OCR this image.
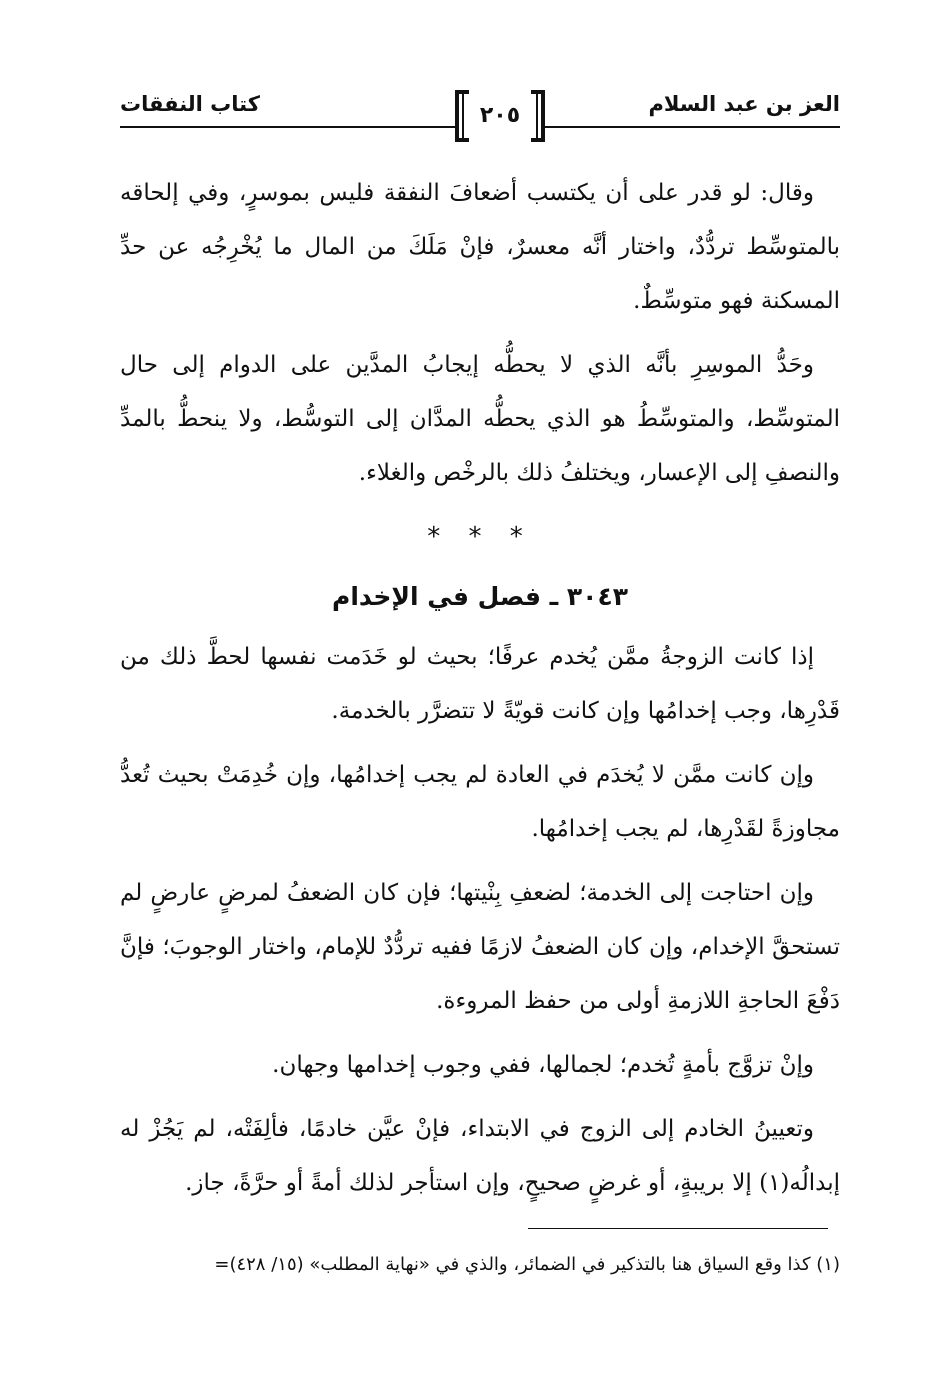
العز بن عبد السلام
كتاب النفقات	٢٠٥

وقال: لو قدر على أن يكتسب أضعافَ النفقة فليس بموسرٍ، وفي إلحاقه بالمتوسِّط تردُّدٌ، واختار أنَّه معسرٌ، فإنْ مَلَكَ من المال ما يُخْرِجُه عن حدِّ المسكنة فهو متوسِّطٌ.

وحَدُّ الموسِرِ بأنَّه الذي لا يحطُّه إيجابُ المدَّين على الدوام إلى حال المتوسِّط، والمتوسِّطُ هو الذي يحطُّه المدَّان إلى التوسُّط، ولا ينحطُّ بالمدِّ والنصفِ إلى الإعسار، ويختلفُ ذلك بالرخْص والغلاء.

* * *
٣٠٤٣ ـ فصل في الإخدام

إذا كانت الزوجةُ ممَّن يُخدم عرفًا؛ بحيث لو خَدَمت نفسها لحطَّ ذلك من قَدْرِها، وجب إخدامُها وإن كانت قويّةً لا تتضرَّر بالخدمة.

وإن كانت ممَّن لا يُخدَم في العادة لم يجب إخدامُها، وإن خُدِمَتْ بحيث تُعدُّ مجاوزةً لقَدْرِها، لم يجب إخدامُها.

وإن احتاجت إلى الخدمة؛ لضعفِ بِنْيتها؛ فإن كان الضعفُ لمرضٍ عارضٍ لم تستحقَّ الإخدام، وإن كان الضعفُ لازمًا ففيه تردُّدٌ للإمام، واختار الوجوبَ؛ فإنَّ دَفْعَ الحاجةِ اللازمةِ أولى من حفظ المروءة.

وإنْ تزوَّج بأمةٍ تُخدم؛ لجمالها، ففي وجوب إخدامها وجهان.

وتعيينُ الخادم إلى الزوج في الابتداء، فإنْ عيَّن خادمًا، فألِفَتْه، لم يَجُزْ له إبدالُه(١) إلا بريبةٍ، أو غرضٍ صحيحٍ، وإن استأجر لذلك أمةً أو حرَّةً، جاز.

(١) كذا وقع السياق هنا بالتذكير في الضمائر، والذي في «نهاية المطلب» (١٥/ ٤٢٨)=
